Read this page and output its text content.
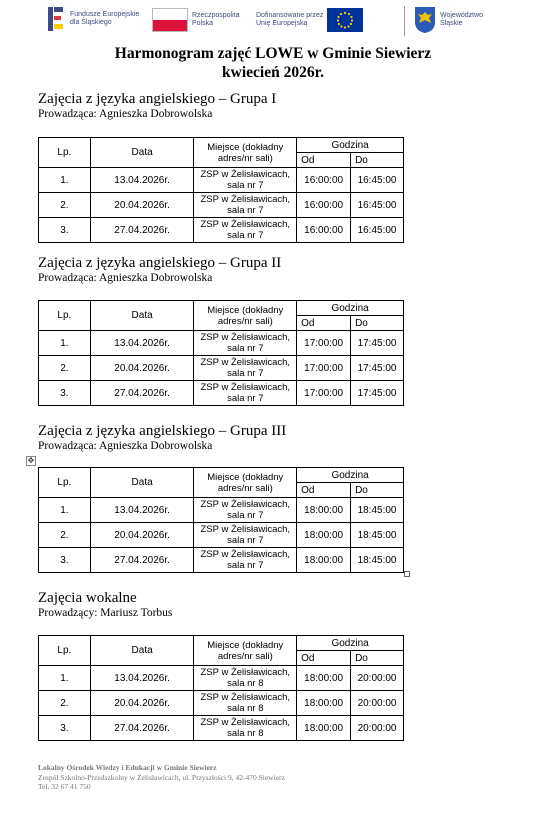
Fundusze Europejskie
dla Śląskiego
Rzeczpospolita
Polska
Dofinansowane przez
Unię Europejską
Województwo
Śląskie
Harmonogram zajęć LOWE w Gminie Siewierz
kwiecień 2026r.
Zajęcia z języka angielskiego – Grupa I
Prowadząca: Agnieszka Dobrowolska
Lp.	Data	Miejsce (dokładny adres/nr sali)	Godzina	
			Od	Do
1.	13.04.2026r.	ZSP w Żelisławicach, sala nr 7	16:00:00	16:45:00
2.	20.04.2026r.	ZSP w Żelisławicach, sala nr 7	16:00:00	16:45:00
3.	27.04.2026r.	ZSP w Żelisławicach, sala nr 7	16:00:00	16:45:00
Zajęcia z języka angielskiego – Grupa II
Prowadząca: Agnieszka Dobrowolska
Lp.	Data	Miejsce (dokładny adres/nr sali)	Godzina	
			Od	Do
1.	13.04.2026r.	ZSP w Żelisławicach, sala nr 7	17:00:00	17:45:00
2.	20.04.2026r.	ZSP w Żelisławicach, sala nr 7	17:00:00	17:45:00
3.	27.04.2026r.	ZSP w Żelisławicach, sala nr 7	17:00:00	17:45:00
Zajęcia z języka angielskiego – Grupa III
Prowadząca: Agnieszka Dobrowolska
✥
Lp.	Data	Miejsce (dokładny adres/nr sali)	Godzina	
			Od	Do
1.	13.04.2026r.	ZSP w Żelisławicach, sala nr 7	18:00:00	18:45:00
2.	20.04.2026r.	ZSP w Żelisławicach, sala nr 7	18:00:00	18:45:00
3.	27.04.2026r.	ZSP w Żelisławicach, sala nr 7	18:00:00	18:45:00
Zajęcia wokalne
Prowadzący: Mariusz Torbus
Lp.	Data	Miejsce (dokładny adres/nr sali)	Godzina	
			Od	Do
1.	13.04.2026r.	ZSP w Żelisławicach, sala nr 8	18:00:00	20:00:00
2.	20.04.2026r.	ZSP w Żelisławicach, sala nr 8	18:00:00	20:00:00
3.	27.04.2026r.	ZSP w Żelisławicach, sala nr 8	18:00:00	20:00:00
Lokalny Ośrodek Wiedzy i Edukacji w Gminie Siewierz
Zespół Szkolno-Przedszkolny w Żelisławicach, ul. Przyszłości 9, 42-470 Siewierz
Tel. 32 67 41 750
